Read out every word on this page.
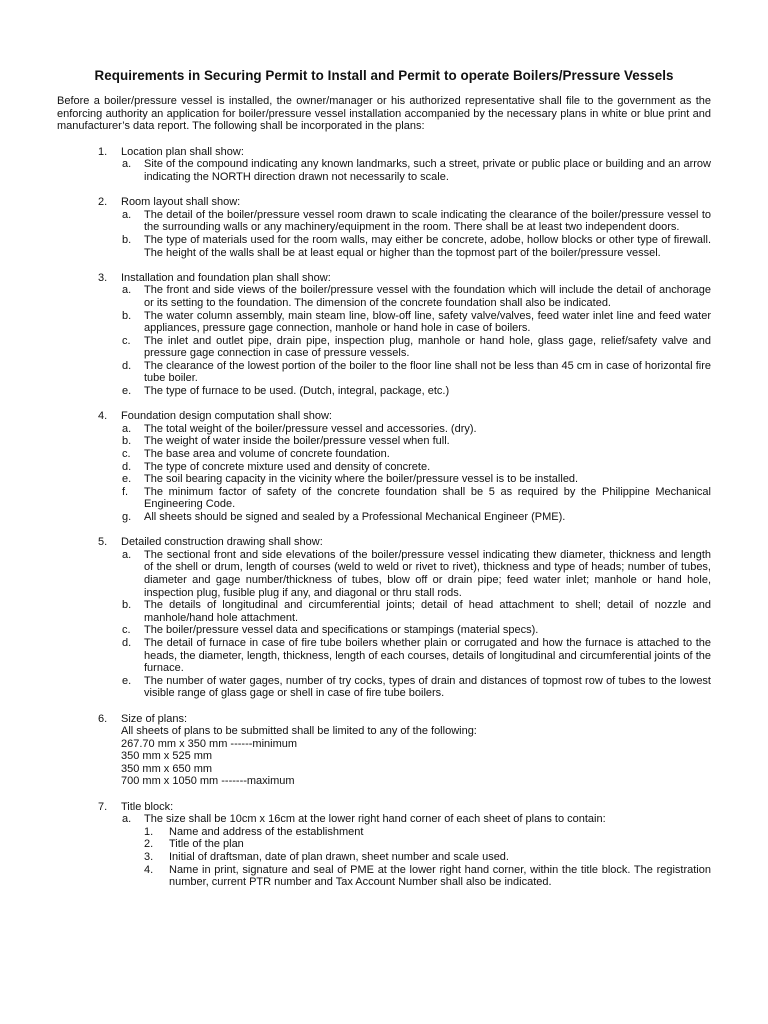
Requirements in Securing Permit to Install and Permit to operate Boilers/Pressure Vessels

Before a boiler/pressure vessel is installed, the owner/manager or his authorized representative shall file to the government as the enforcing authority an application for boiler/pressure vessel installation accompanied by the necessary plans in white or blue print and manufacturer’s data report. The following shall be incorporated in the plans:

1.	Location plan shall show:
a.	Site of the compound indicating any known landmarks, such a street, private or public place or building and an arrow indicating the NORTH direction drawn not necessarily to scale.
2.	Room layout shall show:
a.	The detail of the boiler/pressure vessel room drawn to scale indicating the clearance of the boiler/pressure vessel to the surrounding walls or any machinery/equipment in the room. There shall be at least two independent doors.
b.	The type of materials used for the room walls, may either be concrete, adobe, hollow blocks or other type of firewall. The height of the walls shall be at least equal or higher than the topmost part of the boiler/pressure vessel.
3.	Installation and foundation plan shall show:
a.	The front and side views of the boiler/pressure vessel with the foundation which will include the detail of anchorage or its setting to the foundation. The dimension of the concrete foundation shall also be indicated.
b.	The water column assembly, main steam line, blow-off line, safety valve/valves, feed water inlet line and feed water appliances, pressure gage connection, manhole or hand hole in case of boilers.
c.	The inlet and outlet pipe, drain pipe, inspection plug, manhole or hand hole, glass gage, relief/safety valve and pressure gage connection in case of pressure vessels.
d.	The clearance of the lowest portion of the boiler to the floor line shall not be less than 45 cm in case of horizontal fire tube boiler.
e.	The type of furnace to be used. (Dutch, integral, package, etc.)
4.	Foundation design computation shall show:
a.	The total weight of the boiler/pressure vessel and accessories. (dry).
b.	The weight of water inside the boiler/pressure vessel when full.
c.	The base area and volume of concrete foundation.
d.	The type of concrete mixture used and density of concrete.
e.	The soil bearing capacity in the vicinity where the boiler/pressure vessel is to be installed.
f.	The minimum factor of safety of the concrete foundation shall be 5 as required by the Philippine Mechanical Engineering Code.
g.	All sheets should be signed and sealed by a Professional Mechanical Engineer (PME).
5.	Detailed construction drawing shall show:
a.	The sectional front and side elevations of the boiler/pressure vessel indicating thew diameter, thickness and length of the shell or drum, length of courses (weld to weld or rivet to rivet), thickness and type of heads; number of tubes, diameter and gage number/thickness of tubes, blow off or drain pipe; feed water inlet; manhole or hand hole, inspection plug, fusible plug if any, and diagonal or thru stall rods.
b.	The details of longitudinal and circumferential joints; detail of head attachment to shell; detail of nozzle and manhole/hand hole attachment.
c.	The boiler/pressure vessel data and specifications or stampings (material specs).
d.	The detail of furnace in case of fire tube boilers whether plain or corrugated and how the furnace is attached to the heads, the diameter, length, thickness, length of each courses, details of longitudinal and circumferential joints of the furnace.
e.	The number of water gages, number of try cocks, types of drain and distances of topmost row of tubes to the lowest visible range of glass gage or shell in case of fire tube boilers.
6.	Size of plans:
All sheets of plans to be submitted shall be limited to any of the following:
267.70 mm x 350 mm ------minimum
350 mm x 525 mm
350 mm x 650 mm
700 mm x 1050 mm -------maximum
7.	Title block:
a.	The size shall be 10cm x 16cm at the lower right hand corner of each sheet of plans to contain:
1.	Name and address of the establishment
2.	Title of the plan
3.	Initial of draftsman, date of plan drawn, sheet number and scale used.
4.	Name in print, signature and seal of PME at the lower right hand corner, within the title block. The registration number, current PTR number and Tax Account Number shall also be indicated.
